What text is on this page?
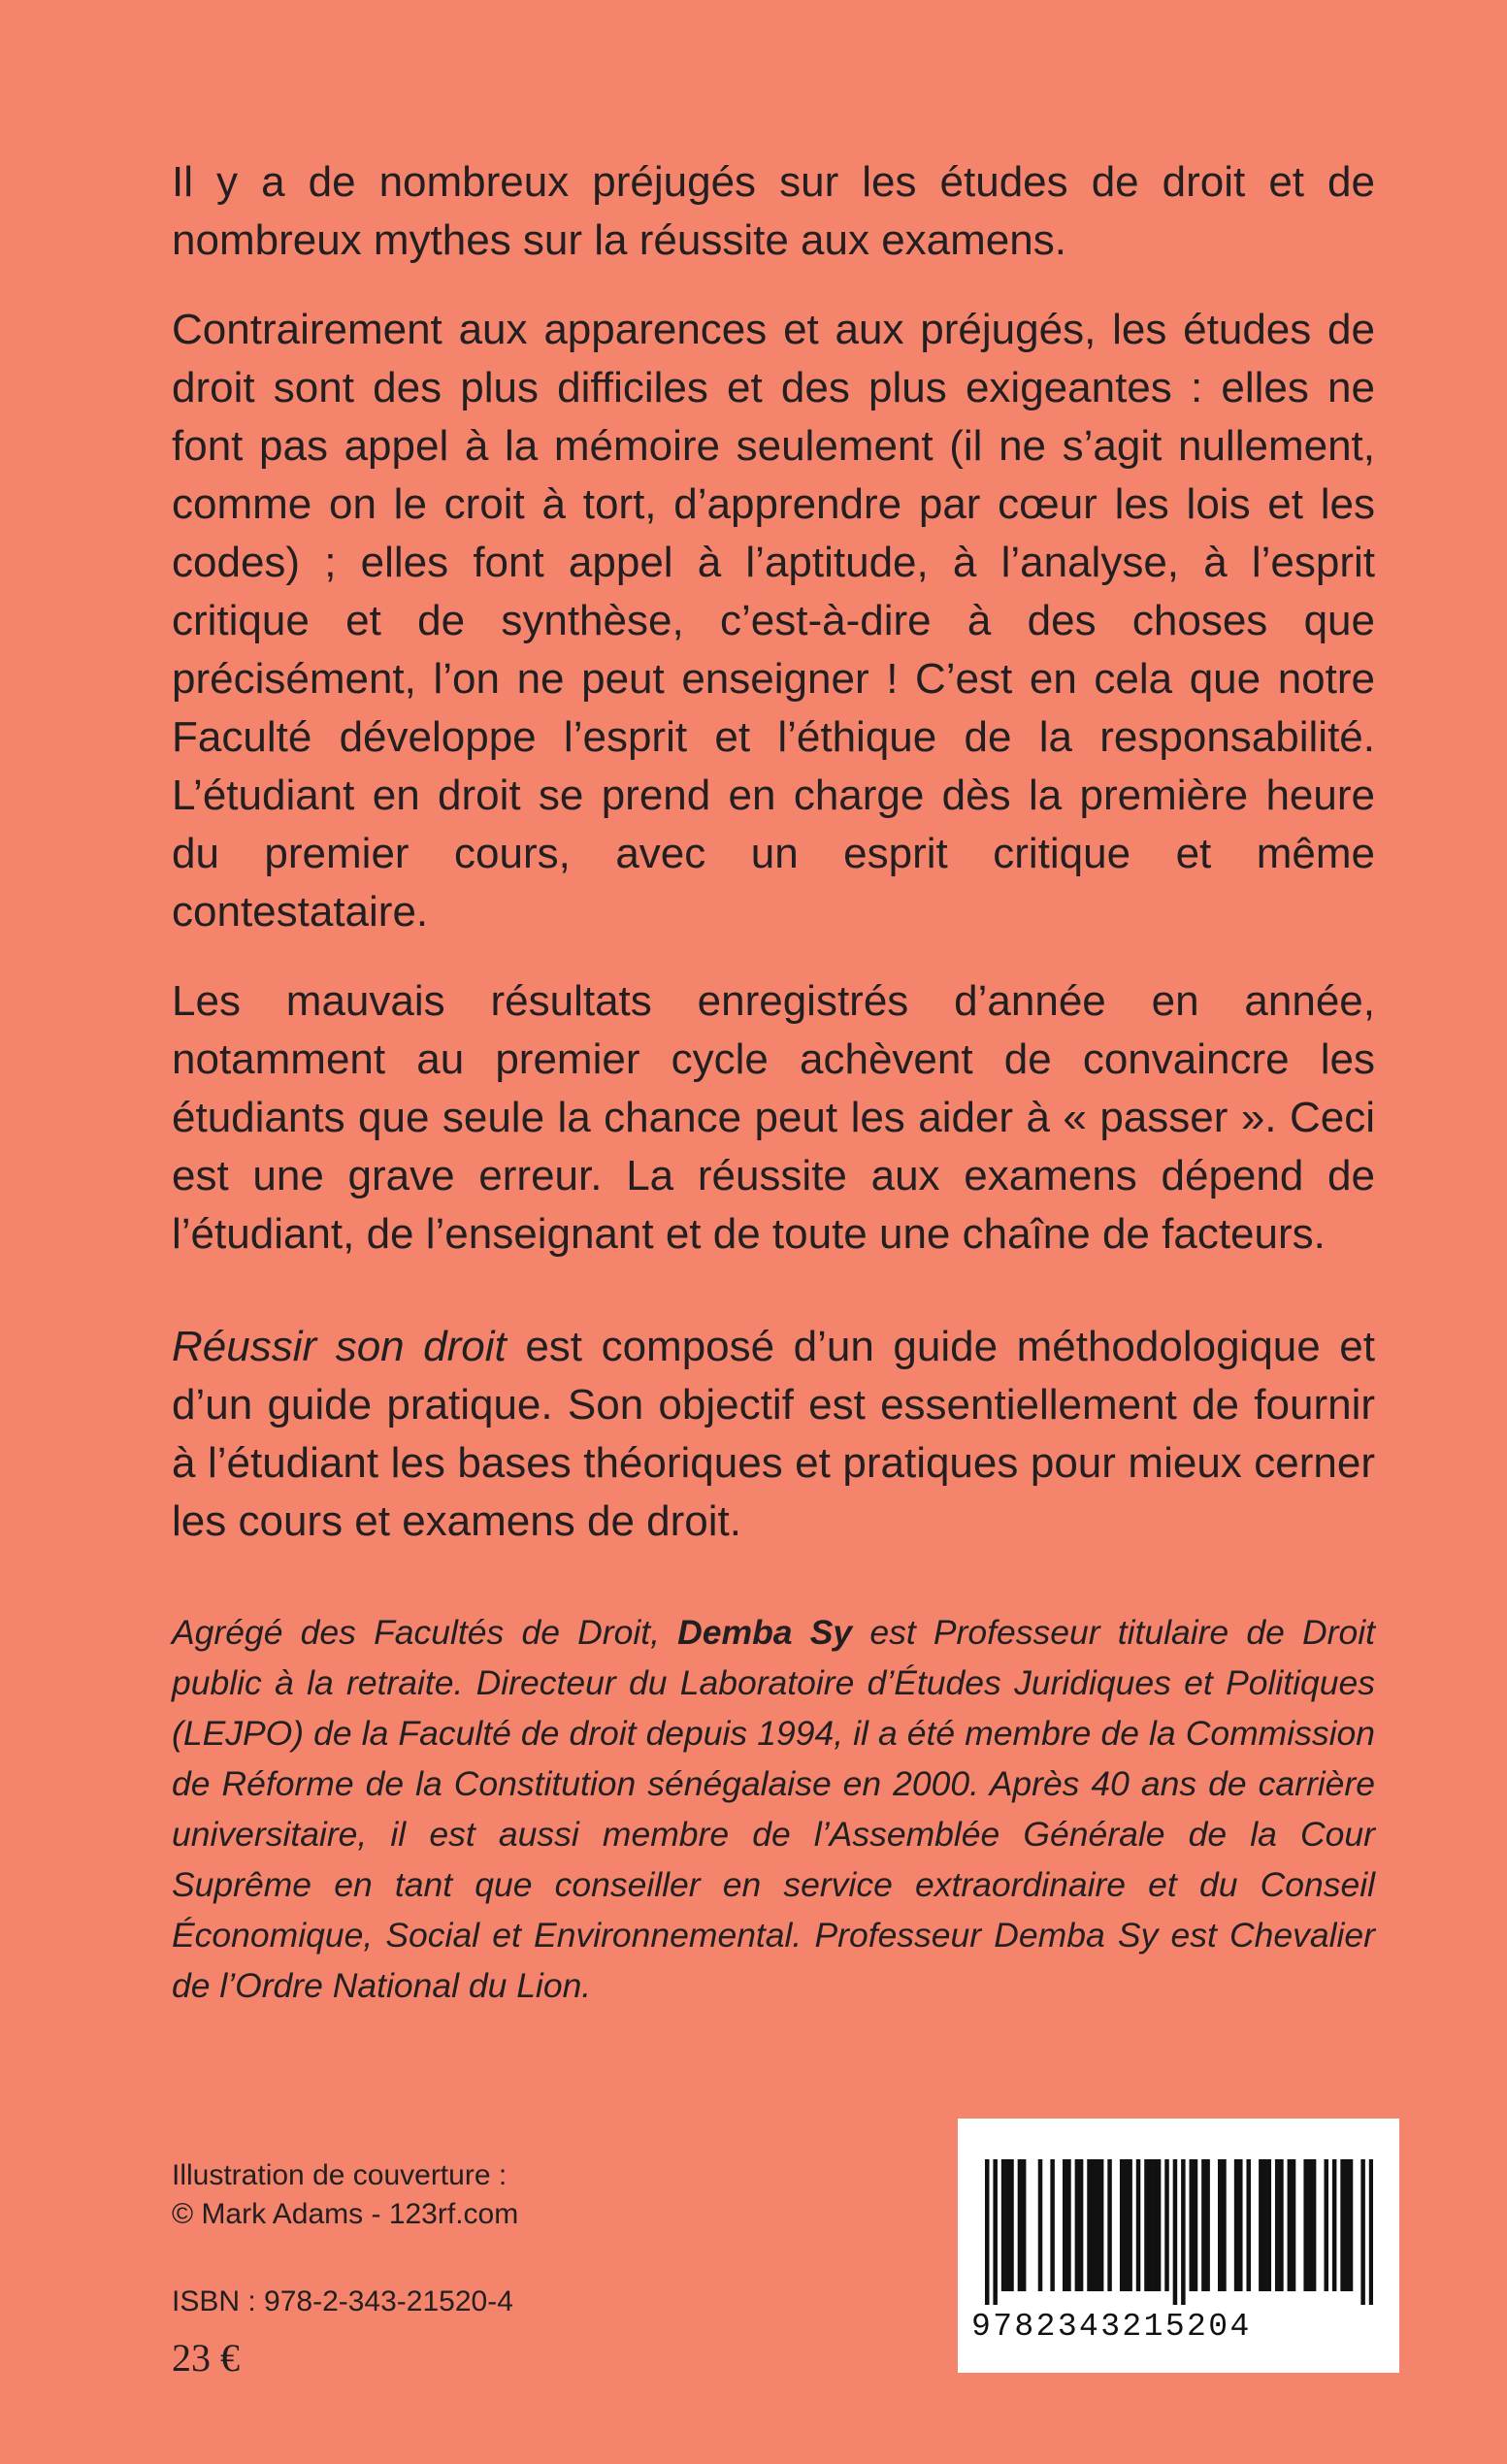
Il y a de nombreux préjugés sur les études de droit et de nombreux mythes sur la réussite aux examens.

Contrairement aux apparences et aux préjugés, les études de droit sont des plus difficiles et des plus exigeantes : elles ne font pas appel à la mémoire seulement (il ne s’agit nullement, comme on le croit à tort, d’apprendre par cœur les lois et les codes) ; elles font appel à l’aptitude, à l’analyse, à l’esprit critique et de synthèse, c’est-à-dire à des choses que précisément, l’on ne peut enseigner ! C’est en cela que notre Faculté développe l’esprit et l’éthique de la responsabilité. L’étudiant en droit se prend en charge dès la première heure du premier cours, avec un esprit critique et même contestataire.

Les mauvais résultats enregistrés d’année en année, notamment au premier cycle achèvent de convaincre les étudiants que seule la chance peut les aider à « passer ». Ceci est une grave erreur. La réussite aux examens dépend de l’étudiant, de l’enseignant et de toute une chaîne de facteurs.

Réussir son droit est composé d’un guide méthodologique et d’un guide pratique. Son objectif est essentiellement de fournir à l’étudiant les bases théoriques et pratiques pour mieux cerner les cours et examens de droit.

Agrégé des Facultés de Droit, Demba Sy est Professeur titulaire de Droit public à la retraite. Directeur du Laboratoire d’Études Juridiques et Politiques (LEJPO) de la Faculté de droit depuis 1994, il a été membre de la Commission de Réforme de la Constitution sénégalaise en 2000. Après 40 ans de carrière universitaire, il est aussi membre de l’Assemblée Générale de la Cour Suprême en tant que conseiller en service extraordinaire et du Conseil Économique, Social et Environnemental. Professeur Demba Sy est Chevalier de l’Ordre National du Lion.
Illustration de couverture :
© Mark Adams - 123rf.com
ISBN : 978-2-343-21520-4
23 €
9782343215204
